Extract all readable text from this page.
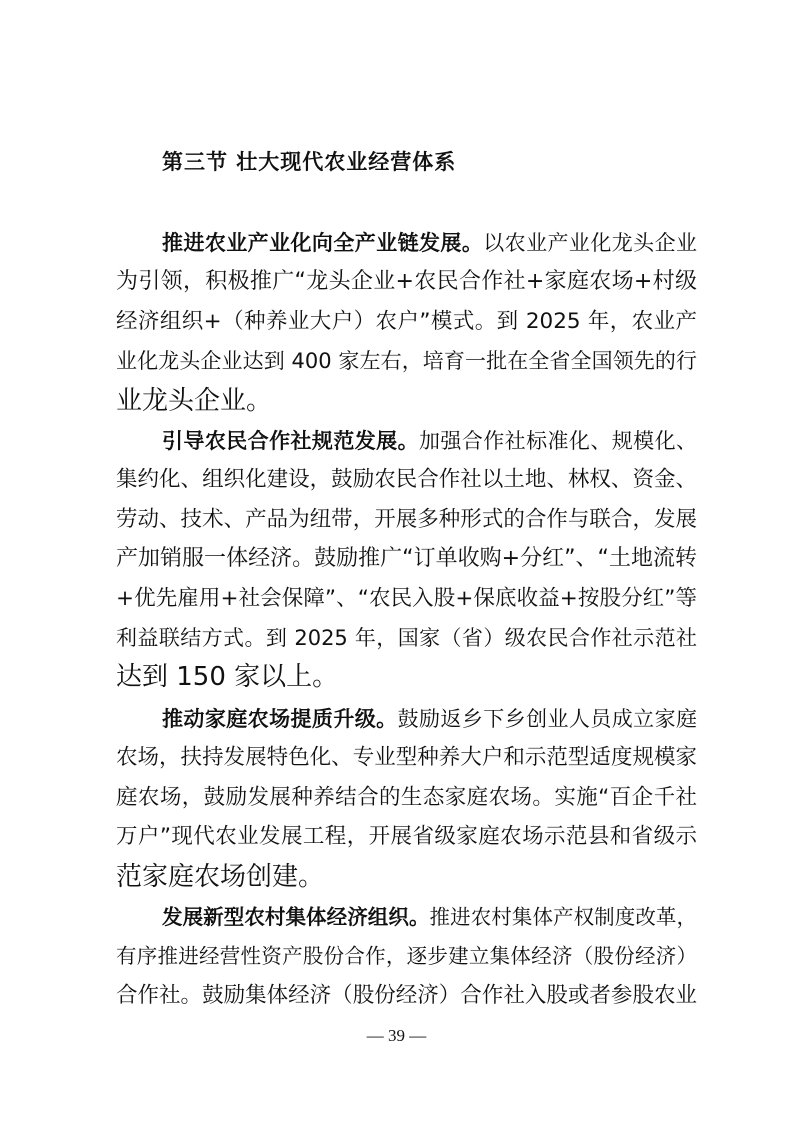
第三节 壮大现代农业经营体系
推进农业产业化向全产业链发展。以农业产业化龙头企业
为引领，积极推广“龙头企业+农民合作社+家庭农场+村级
经济组织+（种养业大户）农户”模式。到 2025 年，农业产
业化龙头企业达到 400 家左右，培育一批在全省全国领先的行
业龙头企业。
引导农民合作社规范发展。加强合作社标准化、规模化、
集约化、组织化建设，鼓励农民合作社以土地、林权、资金、
劳动、技术、产品为纽带，开展多种形式的合作与联合，发展
产加销服一体经济。鼓励推广“订单收购+分红”、“土地流转
+优先雇用+社会保障”、“农民入股+保底收益+按股分红”等
利益联结方式。到 2025 年，国家（省）级农民合作社示范社
达到 150 家以上。
推动家庭农场提质升级。鼓励返乡下乡创业人员成立家庭
农场，扶持发展特色化、专业型种养大户和示范型适度规模家
庭农场，鼓励发展种养结合的生态家庭农场。实施“百企千社
万户”现代农业发展工程，开展省级家庭农场示范县和省级示
范家庭农场创建。
发展新型农村集体经济组织。推进农村集体产权制度改革，
有序推进经营性资产股份合作，逐步建立集体经济（股份经济）
合作社。鼓励集体经济（股份经济）合作社入股或者参股农业
— 39 —
